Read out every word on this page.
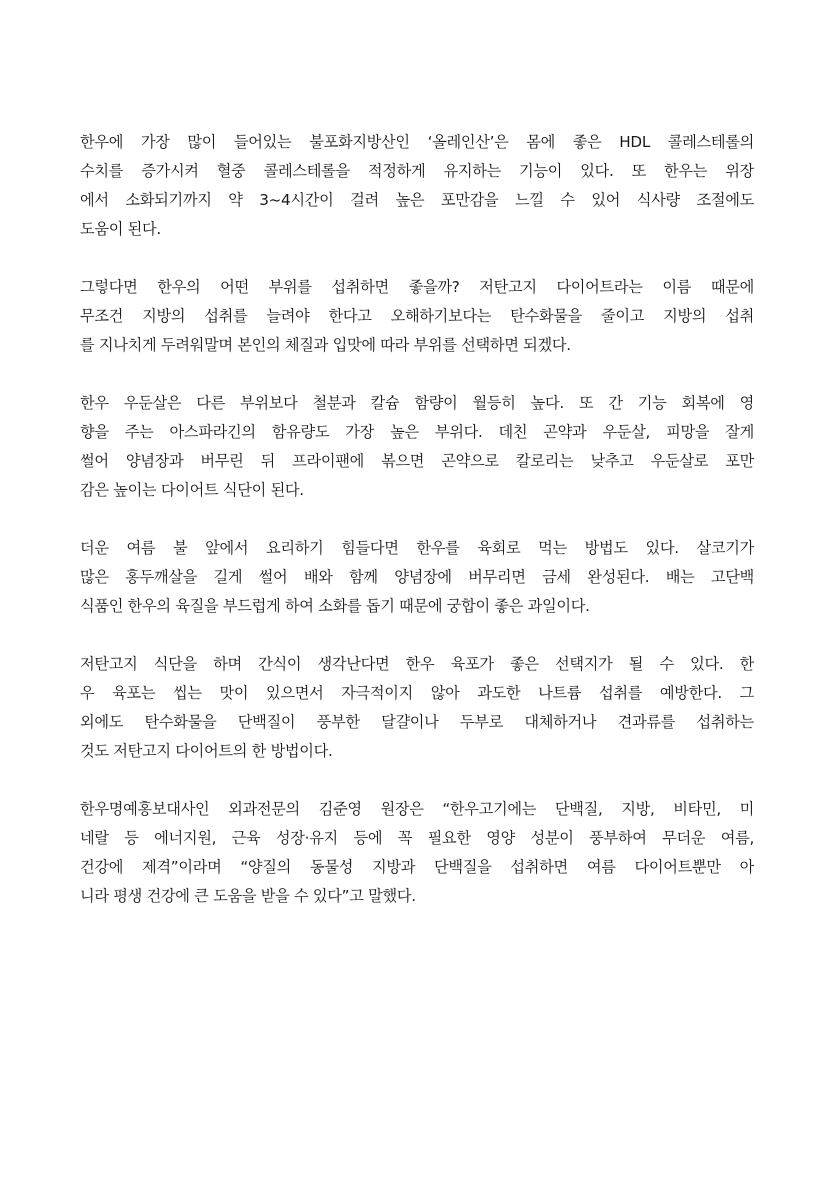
한우에 가장 많이 들어있는 불포화지방산인 ‘올레인산’은 몸에 좋은 HDL 콜레스테롤의
수치를 증가시켜 혈중 콜레스테롤을 적정하게 유지하는 기능이 있다. 또 한우는 위장
에서 소화되기까지 약 3~4시간이 걸려 높은 포만감을 느낄 수 있어 식사량 조절에도
도움이 된다.

그렇다면 한우의 어떤 부위를 섭취하면 좋을까? 저탄고지 다이어트라는 이름 때문에
무조건 지방의 섭취를 늘려야 한다고 오해하기보다는 탄수화물을 줄이고 지방의 섭취
를 지나치게 두려워말며 본인의 체질과 입맛에 따라 부위를 선택하면 되겠다.

한우 우둔살은 다른 부위보다 철분과 칼슘 함량이 월등히 높다. 또 간 기능 회복에 영
향을 주는 아스파라긴의 함유량도 가장 높은 부위다. 데친 곤약과 우둔살, 피망을 잘게
썰어 양념장과 버무린 뒤 프라이팬에 볶으면 곤약으로 칼로리는 낮추고 우둔살로 포만
감은 높이는 다이어트 식단이 된다.

더운 여름 불 앞에서 요리하기 힘들다면 한우를 육회로 먹는 방법도 있다. 살코기가
많은 홍두깨살을 길게 썰어 배와 함께 양념장에 버무리면 금세 완성된다. 배는 고단백
식품인 한우의 육질을 부드럽게 하여 소화를 돕기 때문에 궁합이 좋은 과일이다.

저탄고지 식단을 하며 간식이 생각난다면 한우 육포가 좋은 선택지가 될 수 있다. 한
우 육포는 씹는 맛이 있으면서 자극적이지 않아 과도한 나트륨 섭취를 예방한다. 그
외에도 탄수화물을 단백질이 풍부한 달걀이나 두부로 대체하거나 견과류를 섭취하는
것도 저탄고지 다이어트의 한 방법이다.

한우명예홍보대사인 외과전문의 김준영 원장은 “한우고기에는 단백질, 지방, 비타민, 미
네랄 등 에너지원, 근육 성장·유지 등에 꼭 필요한 영양 성분이 풍부하여 무더운 여름,
건강에 제격”이라며 “양질의 동물성 지방과 단백질을 섭취하면 여름 다이어트뿐만 아
니라 평생 건강에 큰 도움을 받을 수 있다”고 말했다.
